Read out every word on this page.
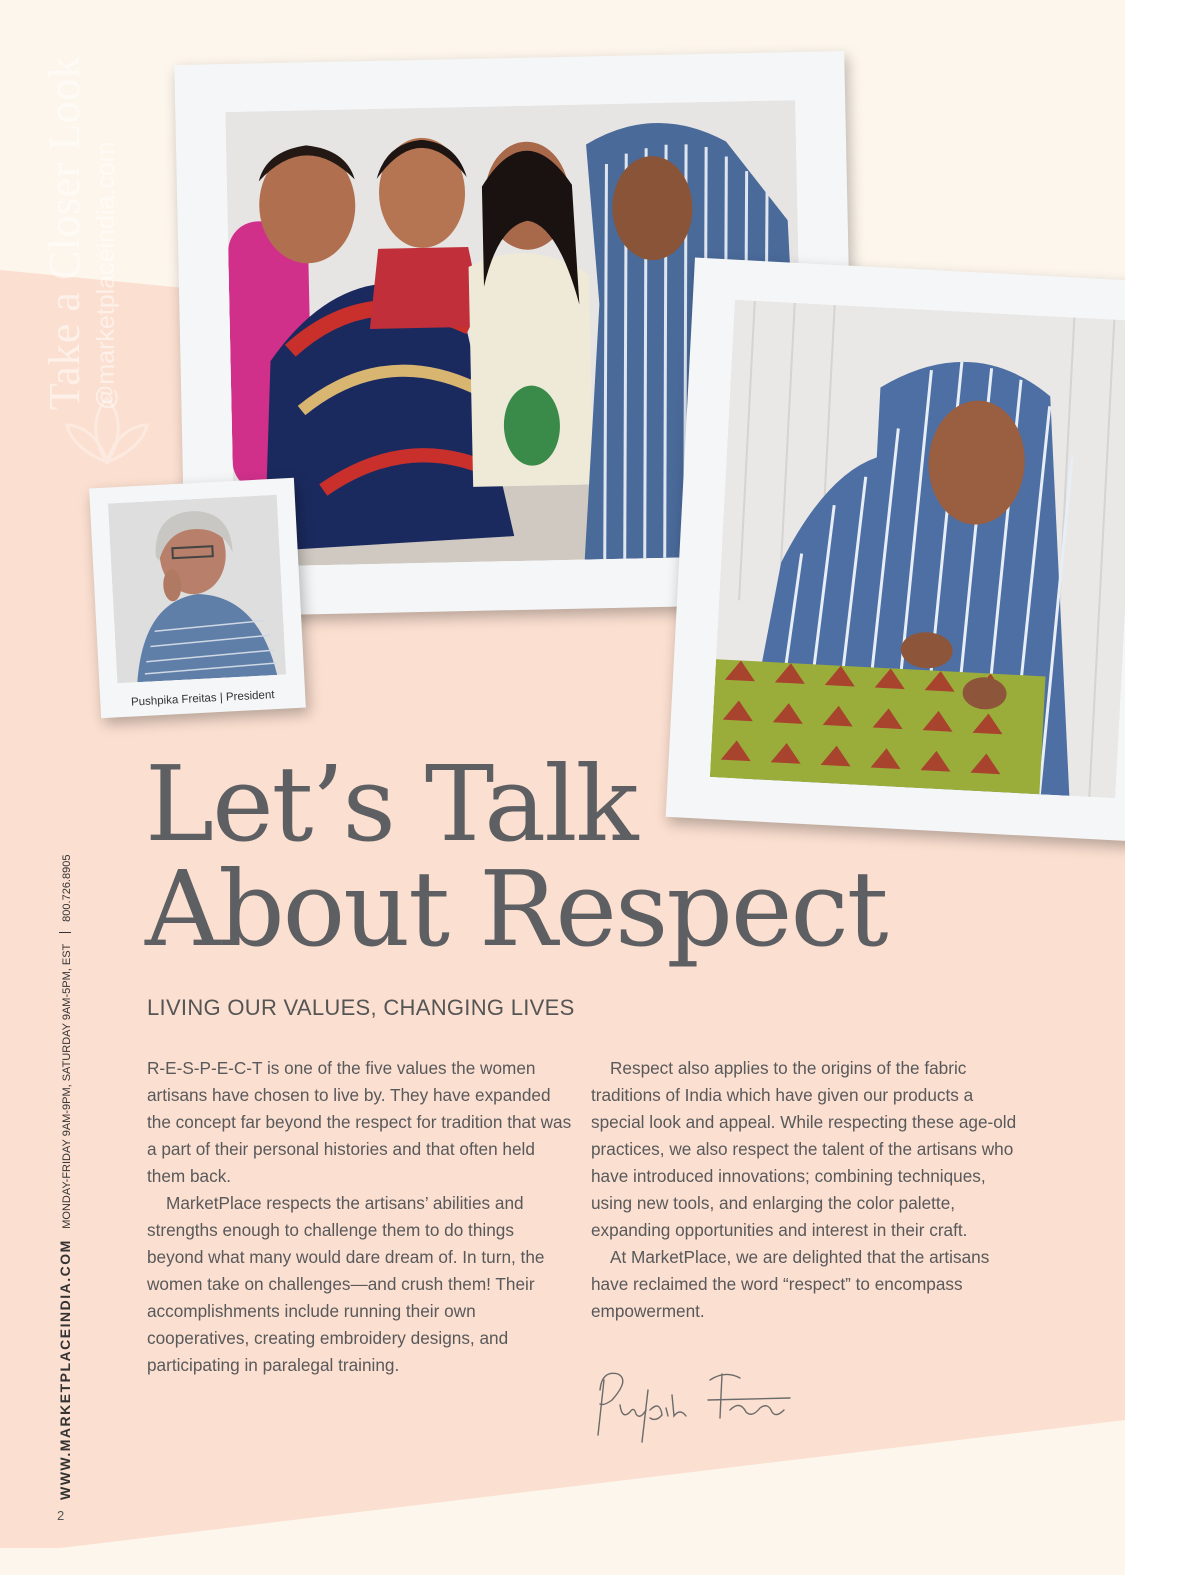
Take a Closer Look @marketplaceindia.com
Pushpika Freitas | President
Let’s Talk
About Respect
LIVING OUR VALUES, CHANGING LIVES

R-E-S-P-E-C-T is one of the five values the women artisans have chosen to live by. They have expanded the concept far beyond the respect for tradition that was a part of their personal histories and that often held them back.

MarketPlace respects the artisans’ abilities and strengths enough to challenge them to do things beyond what many would dare dream of. In turn, the women take on challenges—and crush them! Their accomplishments include running their own cooperatives, creating embroidery designs, and participating in paralegal training.

Respect also applies to the origins of the fabric traditions of India which have given our products a special look and appeal. While respecting these age-old practices, we also respect the talent of the artisans who have introduced innovations; combining techniques, using new tools, and enlarging the color palette, expanding opportunities and interest in their craft.

At MarketPlace, we are delighted that the artisans have reclaimed the word “respect” to encompass empowerment.

WWW.MARKETPLACEINDIA.COM MONDAY-FRIDAY 9AM-9PM, SATURDAY 9AM-5PM, EST  800.726.8905
2
